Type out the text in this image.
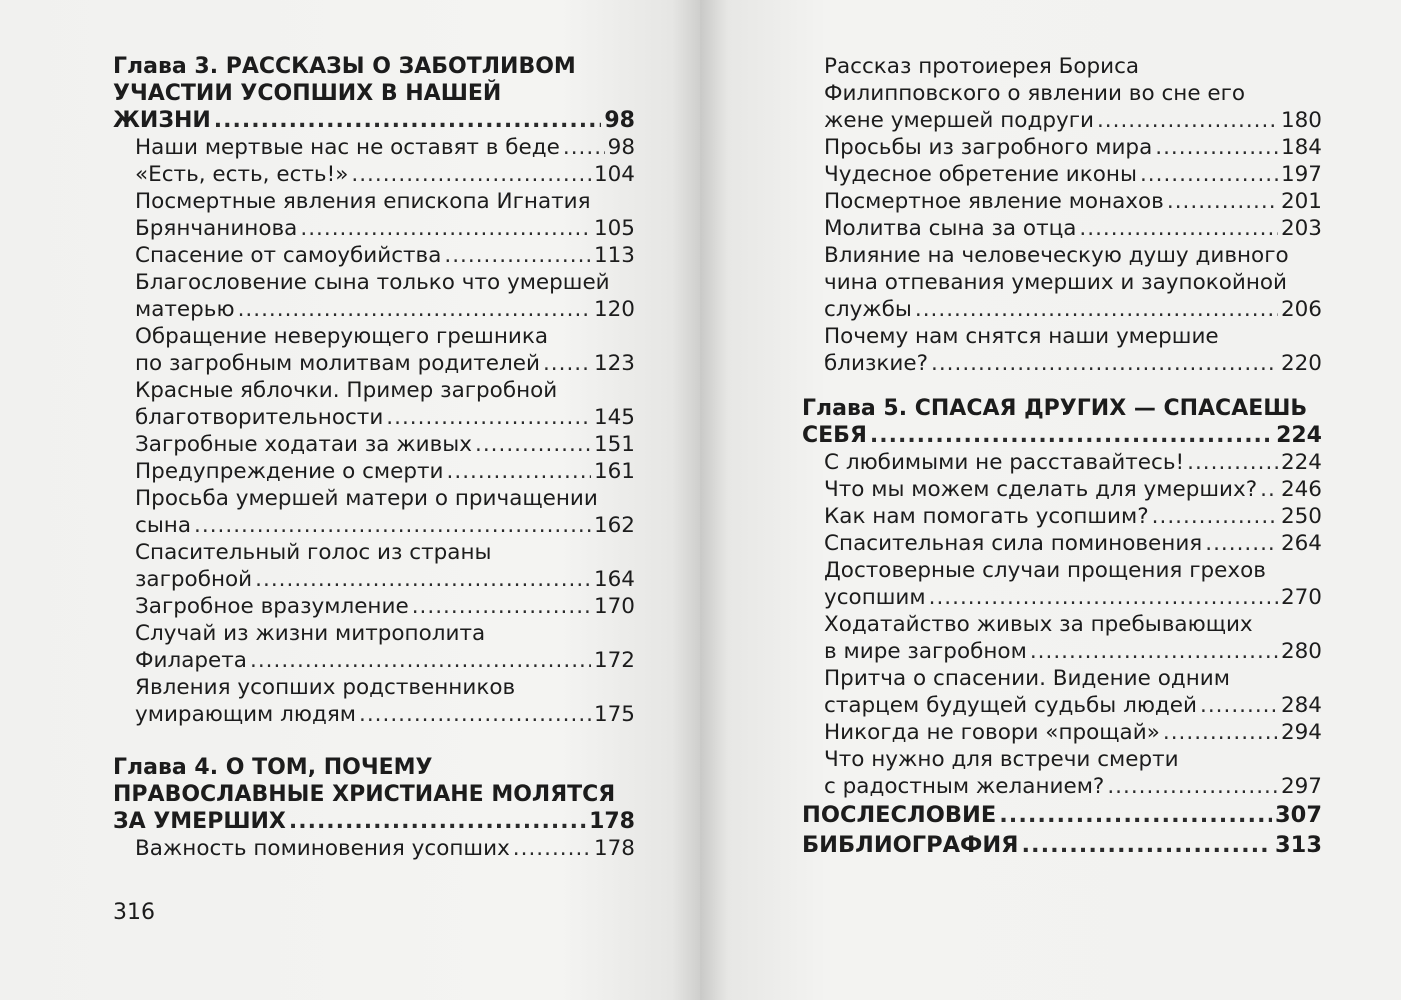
Глава 3. РАССКАЗЫ О ЗАБОТЛИВОМ
УЧАСТИИ УСОПШИХ В НАШЕЙ
ЖИЗНИ .....	98
Наши мертвые нас не оставят в беде ..... 98
«Есть, есть, есть!» .....	104
Посмертные явления епископа Игнатия
Брянчанинова .....	105
Спасение от самоубийства .....	113
Благословение сына только что умершей
матерью .....	120
Обращение неверующего грешника
по загробным молитвам родителей .....	123
Красные яблочки. Пример загробной
благотворительности .....	145
Загробные ходатаи за живых .....	151
Предупреждение о смерти .....	161
Просьба умершей матери о причащении
сына .....	162
Спасительный голос из страны
загробной .....	164
Загробное вразумление .....	170
Случай из жизни митрополита
Филарета .....	172
Явления усопших родственников
умирающим людям .....	175
Глава 4. О ТОМ, ПОЧЕМУ
ПРАВОСЛАВНЫЕ ХРИСТИАНЕ МОЛЯТСЯ
ЗА УМЕРШИХ .....	178
Важность поминовения усопших .....	178
316
Рассказ протоиерея Бориса
Филипповского о явлении во сне его
жене умершей подруги .....	180
Просьбы из загробного мира .....	184
Чудесное обретение иконы .....	197
Посмертное явление монахов .....	201
Молитва сына за отца .....	203
Влияние на человеческую душу дивного
чина отпевания умерших и заупокойной
службы .....	206
Почему нам снятся наши умершие
близкие? .....	220
Глава 5. СПАСАЯ ДРУГИХ — СПАСАЕШЬ
СЕБЯ .....	224
С любимыми не расставайтесь! .....	224
Что мы можем сделать для умерших? ..... 246
Как нам помогать усопшим? .....	250
Спасительная сила поминовения .....	264
Достоверные случаи прощения грехов
усопшим .....	270
Ходатайство живых за пребывающих
в мире загробном .....	280
Притча о спасении. Видение одним
старцем будущей судьбы людей .....	284
Никогда не говори «прощай» .....	294
Что нужно для встречи смерти
с радостным желанием? .....	297
ПОСЛЕСЛОВИЕ .....	307
БИБЛИОГРАФИЯ .....	313
